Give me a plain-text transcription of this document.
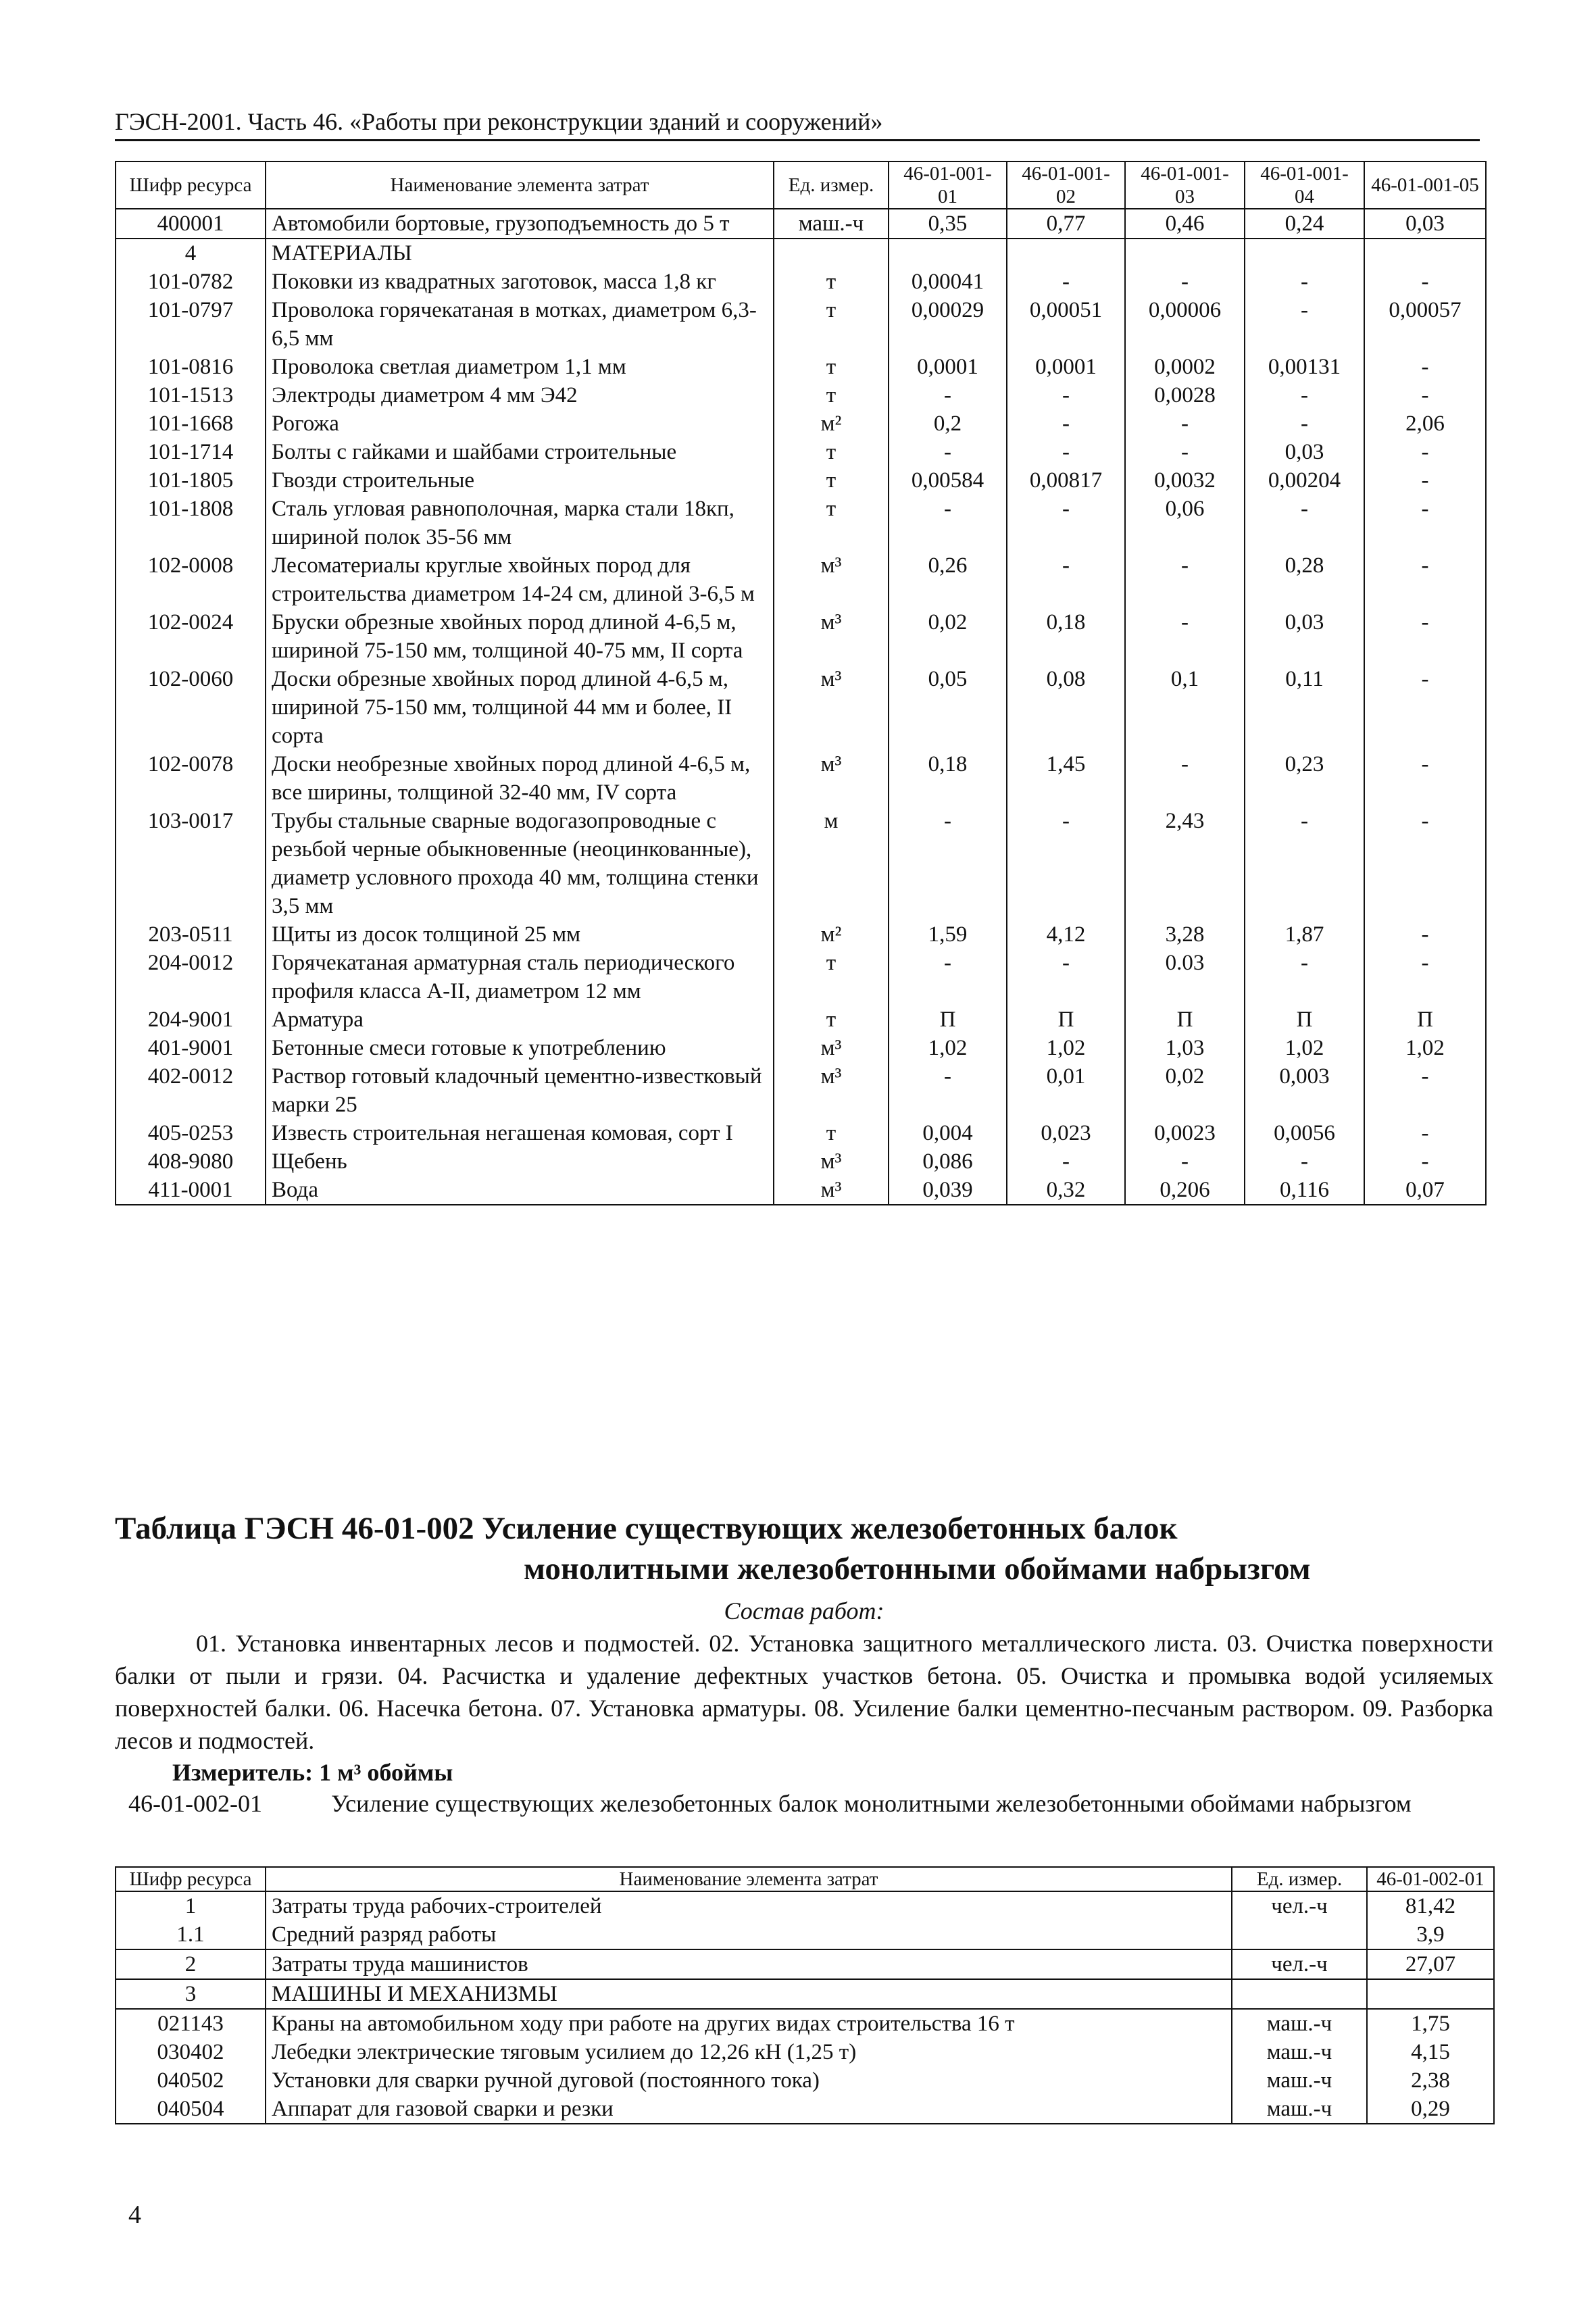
ГЭСН-2001. Часть 46. «Работы при реконструкции зданий и сооружений»
Шифр ресурса	Наименование элемента затрат	Ед. измер.	46-01-001-01	46-01-001-02	46-01-001-03	46-01-001-04	46-01-001-05
400001	Автомобили бортовые, грузоподъемность до 5 т	маш.-ч	0,35	0,77	0,46	0,24	0,03
4	МАТЕРИАЛЫ						
101-0782	Поковки из квадратных заготовок, масса 1,8 кг	т	0,00041	-	-	-	-
101-0797	Проволока горячекатаная в мотках, диаметром 6,3-6,5 мм	т	0,00029	0,00051	0,00006	-	0,00057
101-0816	Проволока светлая диаметром 1,1 мм	т	0,0001	0,0001	0,0002	0,00131	-
101-1513	Электроды диаметром 4 мм Э42	т	-	-	0,0028	-	-
101-1668	Рогожа	м²	0,2	-	-	-	2,06
101-1714	Болты с гайками и шайбами строительные	т	-	-	-	0,03	-
101-1805	Гвозди строительные	т	0,00584	0,00817	0,0032	0,00204	-
101-1808	Сталь угловая равнополочная, марка стали 18кп, шириной полок 35-56 мм	т	-	-	0,06	-	-
102-0008	Лесоматериалы круглые хвойных пород для строительства диаметром 14-24 см, длиной 3-6,5 м	м³	0,26	-	-	0,28	-
102-0024	Бруски обрезные хвойных пород длиной 4-6,5 м, шириной 75-150 мм, толщиной 40-75 мм, II сорта	м³	0,02	0,18	-	0,03	-
102-0060	Доски обрезные хвойных пород длиной 4-6,5 м, шириной 75-150 мм, толщиной 44 мм и более, II сорта	м³	0,05	0,08	0,1	0,11	-
102-0078	Доски необрезные хвойных пород длиной 4-6,5 м, все ширины, толщиной 32-40 мм, IV сорта	м³	0,18	1,45	-	0,23	-
103-0017	Трубы стальные сварные водогазопроводные с резьбой черные обыкновенные (неоцинкованные), диаметр условного прохода 40 мм, толщина стенки 3,5 мм	м	-	-	2,43	-	-
203-0511	Щиты из досок толщиной 25 мм	м²	1,59	4,12	3,28	1,87	-
204-0012	Горячекатаная арматурная сталь периодического профиля класса А-II, диаметром 12 мм	т	-	-	0.03	-	-
204-9001	Арматура	т	П	П	П	П	П
401-9001	Бетонные смеси готовые к употреблению	м³	1,02	1,02	1,03	1,02	1,02
402-0012	Раствор готовый кладочный цементно-известковый марки 25	м³	-	0,01	0,02	0,003	-
405-0253	Известь строительная негашеная комовая, сорт I	т	0,004	0,023	0,0023	0,0056	-
408-9080	Щебень	м³	0,086	-	-	-	-
411-0001	Вода	м³	0,039	0,32	0,206	0,116	0,07
Таблица ГЭСН 46-01-002 Усиление существующих железобетонных балок
монолитными железобетонными обоймами набрызгом
Состав работ:
01. Установка инвентарных лесов и подмостей. 02. Установка защитного металлического листа. 03. Очистка поверхности балки от пыли и грязи. 04. Расчистка и удаление дефектных участков бетона. 05. Очистка и промывка водой усиляемых поверхностей балки. 06. Насечка бетона. 07. Установка арматуры. 08. Усиление балки цементно-песчаным раствором. 09. Разборка лесов и подмостей.
Измеритель: 1 м³ обоймы
46-01-002-01	Усиление существующих железобетонных балок монолитными железобетонными обоймами набрызгом
Шифр ресурса	Наименование элемента затрат	Ед. измер.	46-01-002-01
1	Затраты труда рабочих-строителей	чел.-ч	81,42
1.1	Средний разряд работы		3,9
2	Затраты труда машинистов	чел.-ч	27,07
3	МАШИНЫ И МЕХАНИЗМЫ		
021143	Краны на автомобильном ходу при работе на других видах строительства 16 т	маш.-ч	1,75
030402	Лебедки электрические тяговым усилием до 12,26 кН (1,25 т)	маш.-ч	4,15
040502	Установки для сварки ручной дуговой (постоянного тока)	маш.-ч	2,38
040504	Аппарат для газовой сварки и резки	маш.-ч	0,29
4
